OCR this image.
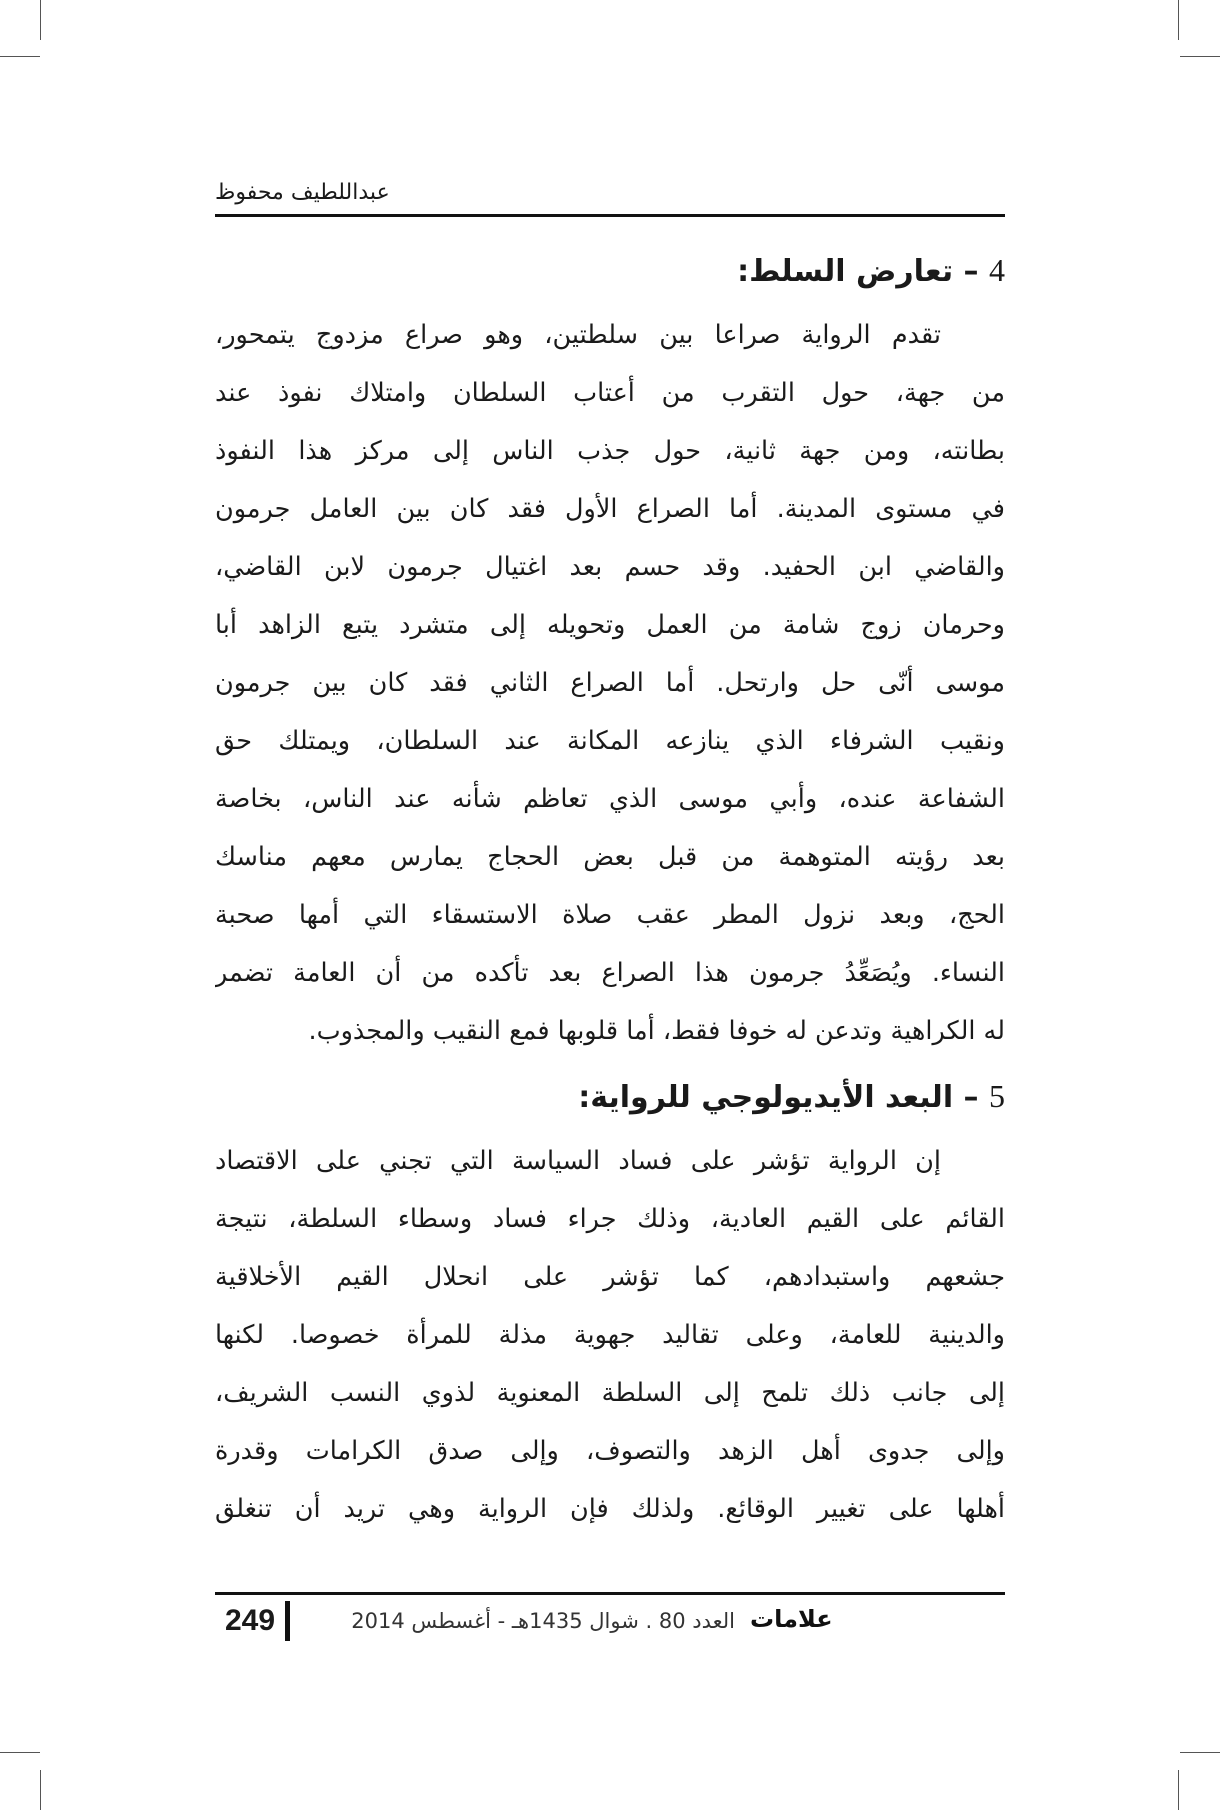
عبداللطيف محفوظ
4 – تعارض السلط:
تقدم الرواية صراعا بين سلطتين، وهو صراع مزدوج يتمحور،
من جهة، حول التقرب من أعتاب السلطان وامتلاك نفوذ عند
بطانته، ومن جهة ثانية، حول جذب الناس إلى مركز هذا النفوذ
في مستوى المدينة. أما الصراع الأول فقد كان بين العامل جرمون
والقاضي ابن الحفيد. وقد حسم بعد اغتيال جرمون لابن القاضي،
وحرمان زوج شامة من العمل وتحويله إلى متشرد يتبع الزاهد أبا
موسى أنّى حل وارتحل. أما الصراع الثاني فقد كان بين جرمون
ونقيب الشرفاء الذي ينازعه المكانة عند السلطان، ويمتلك حق
الشفاعة عنده، وأبي موسى الذي تعاظم شأنه عند الناس، بخاصة
بعد رؤيته المتوهمة من قبل بعض الحجاج يمارس معهم مناسك
الحج، وبعد نزول المطر عقب صلاة الاستسقاء التي أمها صحبة
النساء. ويُصَعِّدُ جرمون هذا الصراع بعد تأكده من أن العامة تضمر
له الكراهية وتدعن له خوفا فقط، أما قلوبها فمع النقيب والمجذوب.
5 – البعد الأيديولوجي للرواية:
إن الرواية تؤشر على فساد السياسة التي تجني على الاقتصاد
القائم على القيم العادية، وذلك جراء فساد وسطاء السلطة، نتيجة
جشعهم واستبدادهم، كما تؤشر على انحلال القيم الأخلاقية
والدينية للعامة، وعلى تقاليد جهوية مذلة للمرأة خصوصا. لكنها
إلى جانب ذلك تلمح إلى السلطة المعنوية لذوي النسب الشريف،
وإلى جدوى أهل الزهد والتصوف، وإلى صدق الكرامات وقدرة
أهلها على تغيير الوقائع. ولذلك فإن الرواية وهي تريد أن تنغلق
249	العدد 80 . شوال 1435هـ - أغسطس 2014 علامات
